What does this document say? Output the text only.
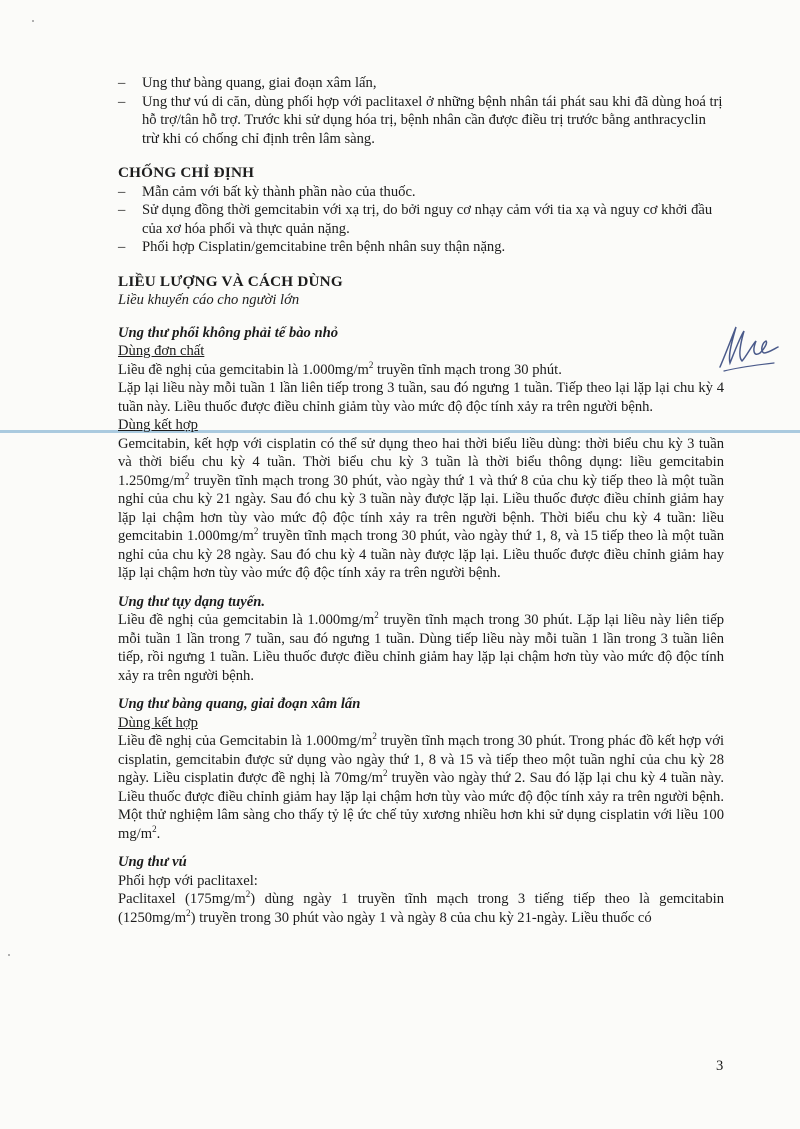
– Ung thư bàng quang, giai đoạn xâm lấn,
– Ung thư vú di căn, dùng phối hợp với paclitaxel ở những bệnh nhân tái phát sau khi đã dùng hoá trị hỗ trợ/tân hỗ trợ. Trước khi sử dụng hóa trị, bệnh nhân cần được điều trị trước bằng anthracyclin trừ khi có chống chỉ định trên lâm sàng.
CHỐNG CHỈ ĐỊNH
– Mẫn cảm với bất kỳ thành phần nào của thuốc.
– Sử dụng đồng thời gemcitabin với xạ trị, do bởi nguy cơ nhạy cảm với tia xạ và nguy cơ khởi đầu của xơ hóa phổi và thực quản nặng.
– Phối hợp Cisplatin/gemcitabine trên bệnh nhân suy thận nặng.
LIỀU LƯỢNG VÀ CÁCH DÙNG
Liều khuyến cáo cho người lớn
Ung thư phổi không phải tế bào nhỏ
Dùng đơn chất

Liều đề nghị của gemcitabin là $1.000mg/m^2$ truyền tĩnh mạch trong 30 phút.

Lặp lại liều này mỗi tuần 1 lần liên tiếp trong 3 tuần, sau đó ngưng 1 tuần. Tiếp theo lại lặp lại chu kỳ 4 tuần này. Liều thuốc được điều chỉnh giảm tùy vào mức độ độc tính xảy ra trên người bệnh.

Dùng kết hợp

Gemcitabin, kết hợp với cisplatin có thể sử dụng theo hai thời biểu liều dùng: thời biểu chu kỳ 3 tuần và thời biểu chu kỳ 4 tuần. Thời biểu chu kỳ 3 tuần là thời biểu thông dụng: liều gemcitabin $1.250mg/m^2$ truyền tĩnh mạch trong 30 phút, vào ngày thứ 1 và thứ 8 của chu kỳ tiếp theo là một tuần nghỉ của chu kỳ 21 ngày. Sau đó chu kỳ 3 tuần này được lặp lại. Liều thuốc được điều chỉnh giảm hay lặp lại chậm hơn tùy vào mức độ độc tính xảy ra trên người bệnh. Thời biểu chu kỳ 4 tuần: liều gemcitabin $1.000mg/m^2$ truyền tĩnh mạch trong 30 phút, vào ngày thứ 1, 8, và 15 tiếp theo là một tuần nghỉ của chu kỳ 28 ngày. Sau đó chu kỳ 4 tuần này được lặp lại. Liều thuốc được điều chỉnh giảm hay lặp lại chậm hơn tùy vào mức độ độc tính xảy ra trên người bệnh.

Ung thư tụy dạng tuyến.

Liều đề nghị của gemcitabin là $1.000mg/m^2$ truyền tĩnh mạch trong 30 phút. Lặp lại liều này liên tiếp mỗi tuần 1 lần trong 7 tuần, sau đó ngưng 1 tuần. Dùng tiếp liều này mỗi tuần 1 lần trong 3 tuần liên tiếp, rồi ngưng 1 tuần. Liều thuốc được điều chỉnh giảm hay lặp lại chậm hơn tùy vào mức độ độc tính xảy ra trên người bệnh.

Ung thư bàng quang, giai đoạn xâm lấn
Dùng kết hợp

Liều đề nghị của Gemcitabin là $1.000mg/m^2$ truyền tĩnh mạch trong 30 phút. Trong phác đồ kết hợp với cisplatin, gemcitabin được sử dụng vào ngày thứ 1, 8 và 15 và tiếp theo một tuần nghỉ của chu kỳ 28 ngày. Liều cisplatin được đề nghị là $70mg/m^2$ truyền vào ngày thứ 2. Sau đó lặp lại chu kỳ 4 tuần này. Liều thuốc được điều chỉnh giảm hay lặp lại chậm hơn tùy vào mức độ độc tính xảy ra trên người bệnh. Một thử nghiệm lâm sàng cho thấy tỷ lệ ức chế tủy xương nhiều hơn khi sử dụng cisplatin với liều 100 $mg/m^2$.

Ung thư vú
Phối hợp với paclitaxel:

Paclitaxel $(175mg/m^2)$ dùng ngày 1 truyền tĩnh mạch trong 3 tiếng tiếp theo là gemcitabin $(1250mg/m^2)$ truyền trong 30 phút vào ngày 1 và ngày 8 của chu kỳ 21-ngày. Liều thuốc có

3
